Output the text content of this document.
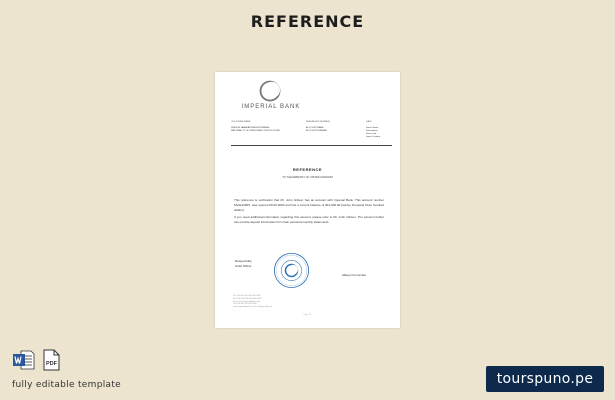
REFERENCE
IMPERIAL BANK
CUSTOMER NAME
PERSON NAME/ADDRESS/ZIP/EMAIL
NATIONALITY OF PERSON/ACCOUNT HOLDER
REFERENCE NUMBER
ACCOUNT NAME
ACCOUNT NUMBER
DATE
Some Street
Somewhere
Some City
Some Country
REFERENCE
TO THE EMBASSY OF UNITED KINGDOM

This reference is verification that Mr. John Gibson has an account with Imperial Bank. This account number 5AFE1300X, was opened 00.00.0000 and has a current balance of $12,000.00 (twelve thousand three hundred dollars).

If you need additional information regarding this account, please refer to Mr. John Gibson. The account holder can provide deposit information from their personal monthly statements.

Respectfully,
Chief Officer
Allasyn Konomika
Tel: 000 000 000 000 000 0000
Fax: 000 000 000 000 000 0000
Email: info@imperialbank.com
Tel: 000 000 000 000 0000
www.imperialbank.com.uk (mailing address)
Page 1/1
PDF
fully editable template	tourspuno.pe
